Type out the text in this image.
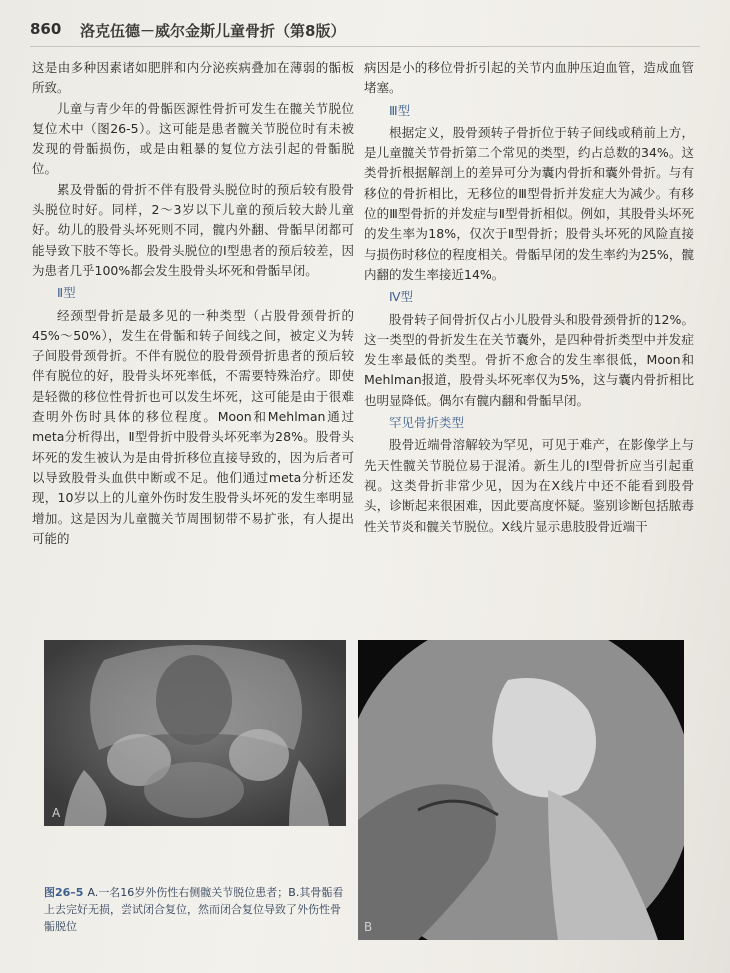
860 洛克伍德－威尔金斯儿童骨折（第8版）

这是由多种因素诸如肥胖和内分泌疾病叠加在薄弱的骺板所致。

儿童与青少年的骨骺医源性骨折可发生在髋关节脱位复位术中（图26-5）。这可能是患者髋关节脱位时有未被发现的骨骺损伤，或是由粗暴的复位方法引起的骨骺脱位。

累及骨骺的骨折不伴有股骨头脱位时的预后较有股骨头脱位时好。同样，2～3岁以下儿童的预后较大龄儿童好。幼儿的股骨头坏死则不同，髋内外翻、骨骺早闭都可能导致下肢不等长。股骨头脱位的Ⅰ型患者的预后较差，因为患者几乎100%都会发生股骨头坏死和骨骺早闭。

Ⅱ型

经颈型骨折是最多见的一种类型（占股骨颈骨折的45%～50%），发生在骨骺和转子间线之间，被定义为转子间股骨颈骨折。不伴有脱位的股骨颈骨折患者的预后较伴有脱位的好，股骨头坏死率低，不需要特殊治疗。即使是轻微的移位性骨折也可以发生坏死，这可能是由于很难查明外伤时具体的移位程度。Moon和Mehlman通过meta分析得出，Ⅱ型骨折中股骨头坏死率为28%。股骨头坏死的发生被认为是由骨折移位直接导致的，因为后者可以导致股骨头血供中断或不足。他们通过meta分析还发现，10岁以上的儿童外伤时发生股骨头坏死的发生率明显增加。这是因为儿童髋关节周围韧带不易扩张，有人提出可能的

病因是小的移位骨折引起的关节内血肿压迫血管，造成血管堵塞。

Ⅲ型

根据定义，股骨颈转子骨折位于转子间线或稍前上方，是儿童髋关节骨折第二个常见的类型，约占总数的34%。这类骨折根据解剖上的差异可分为囊内骨折和囊外骨折。与有移位的骨折相比，无移位的Ⅲ型骨折并发症大为减少。有移位的Ⅲ型骨折的并发症与Ⅱ型骨折相似。例如，其股骨头坏死的发生率为18%，仅次于Ⅱ型骨折；股骨头坏死的风险直接与损伤时移位的程度相关。骨骺早闭的发生率约为25%，髋内翻的发生率接近14%。

Ⅳ型

股骨转子间骨折仅占小儿股骨头和股骨颈骨折的12%。这一类型的骨折发生在关节囊外，是四种骨折类型中并发症发生率最低的类型。骨折不愈合的发生率很低，Moon和Mehlman报道，股骨头坏死率仅为5%，这与囊内骨折相比也明显降低。偶尔有髋内翻和骨骺早闭。

罕见骨折类型

股骨近端骨溶解较为罕见，可见于难产，在影像学上与先天性髋关节脱位易于混淆。新生儿的Ⅰ型骨折应当引起重视。这类骨折非常少见，因为在X线片中还不能看到股骨头，诊断起来很困难，因此要高度怀疑。鉴别诊断包括脓毒性关节炎和髋关节脱位。X线片显示患肢股骨近端干

A
B
图26–5 A.一名16岁外伤性右侧髋关节脱位患者；B.其骨骺看上去完好无损，尝试闭合复位，然而闭合复位导致了外伤性骨骺脱位
